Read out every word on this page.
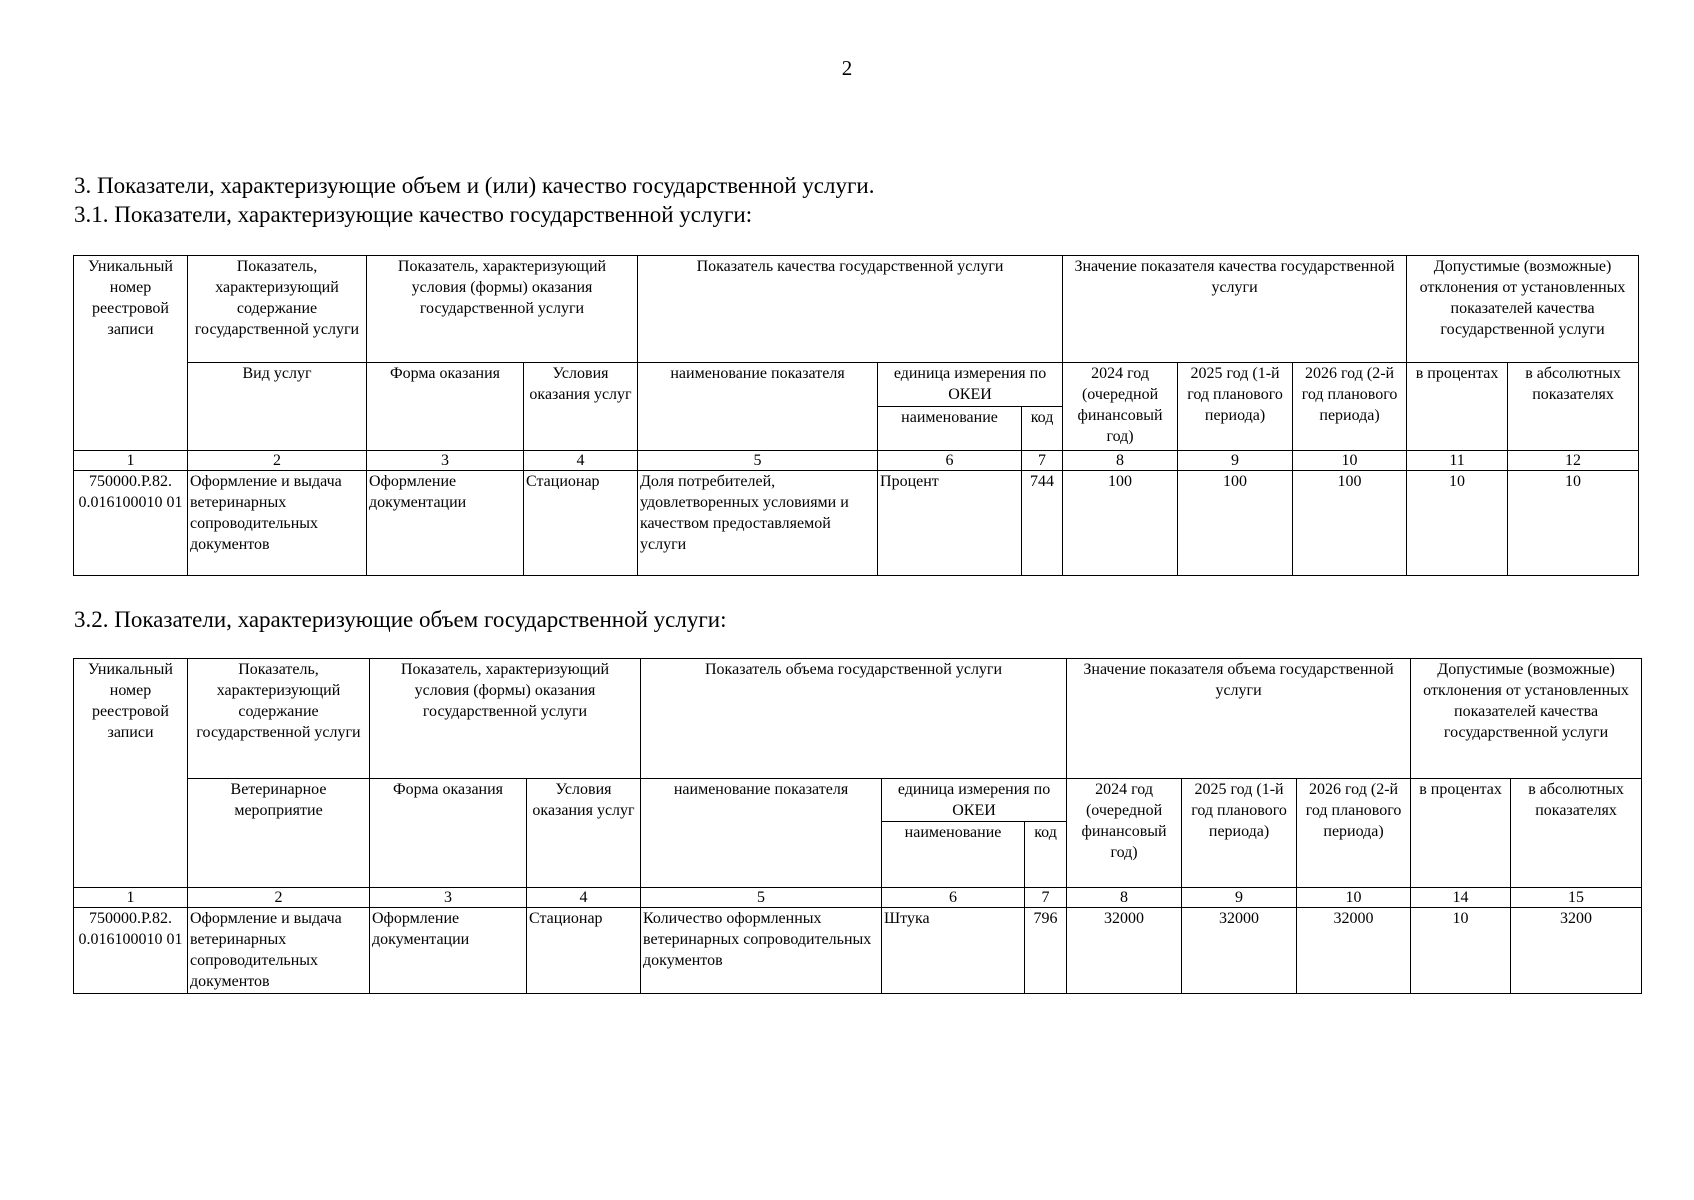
2
3. Показатели, характеризующие объем и (или) качество государственной услуги.
3.1. Показатели, характеризующие качество государственной услуги:
Уникальный номер реестровой записи	Показатель, характеризующий содержание государственной услуги	Показатель, характеризующий условия (формы) оказания государственной услуги		Показатель качества государственной услуги			Значение показателя качества государственной услуги			Допустимые (возможные) отклонения от установленных показателей качества государственной услуги	
	Вид услуг	Форма оказания	Условия оказания услуг	наименование показателя	единица измерения по ОКЕИ		2024 год (очередной финансовый год)	2025 год (1-й год планового периода)	2026 год (2-й год планового периода)	в процентах	в абсолютных показателях
					наименование	код					
1	2	3	4	5	6	7	8	9	10	11	12
750000.Р.82. 0.016100010 01	Оформление и выдача ветеринарных сопроводительных документов	Оформление документации	Стационар	Доля потребителей, удовлетворенных условиями и качеством предоставляемой услуги	Процент	744	100	100	100	10	10
3.2. Показатели, характеризующие объем государственной услуги:
Уникальный номер реестровой записи	Показатель, характеризующий содержание государственной услуги	Показатель, характеризующий условия (формы) оказания государственной услуги		Показатель объема государственной услуги			Значение показателя объема государственной услуги			Допустимые (возможные) отклонения от установленных показателей качества государственной услуги	
	Ветеринарное мероприятие	Форма оказания	Условия оказания услуг	наименование показателя	единица измерения по ОКЕИ		2024 год (очередной финансовый год)	2025 год (1-й год планового периода)	2026 год (2-й год планового периода)	в процентах	в абсолютных показателях
					наименование	код					
1	2	3	4	5	6	7	8	9	10	14	15
750000.Р.82. 0.016100010 01	Оформление и выдача ветеринарных сопроводительных документов	Оформление документации	Стационар	Количество оформленных ветеринарных сопроводительных документов	Штука	796	32000	32000	32000	10	3200
